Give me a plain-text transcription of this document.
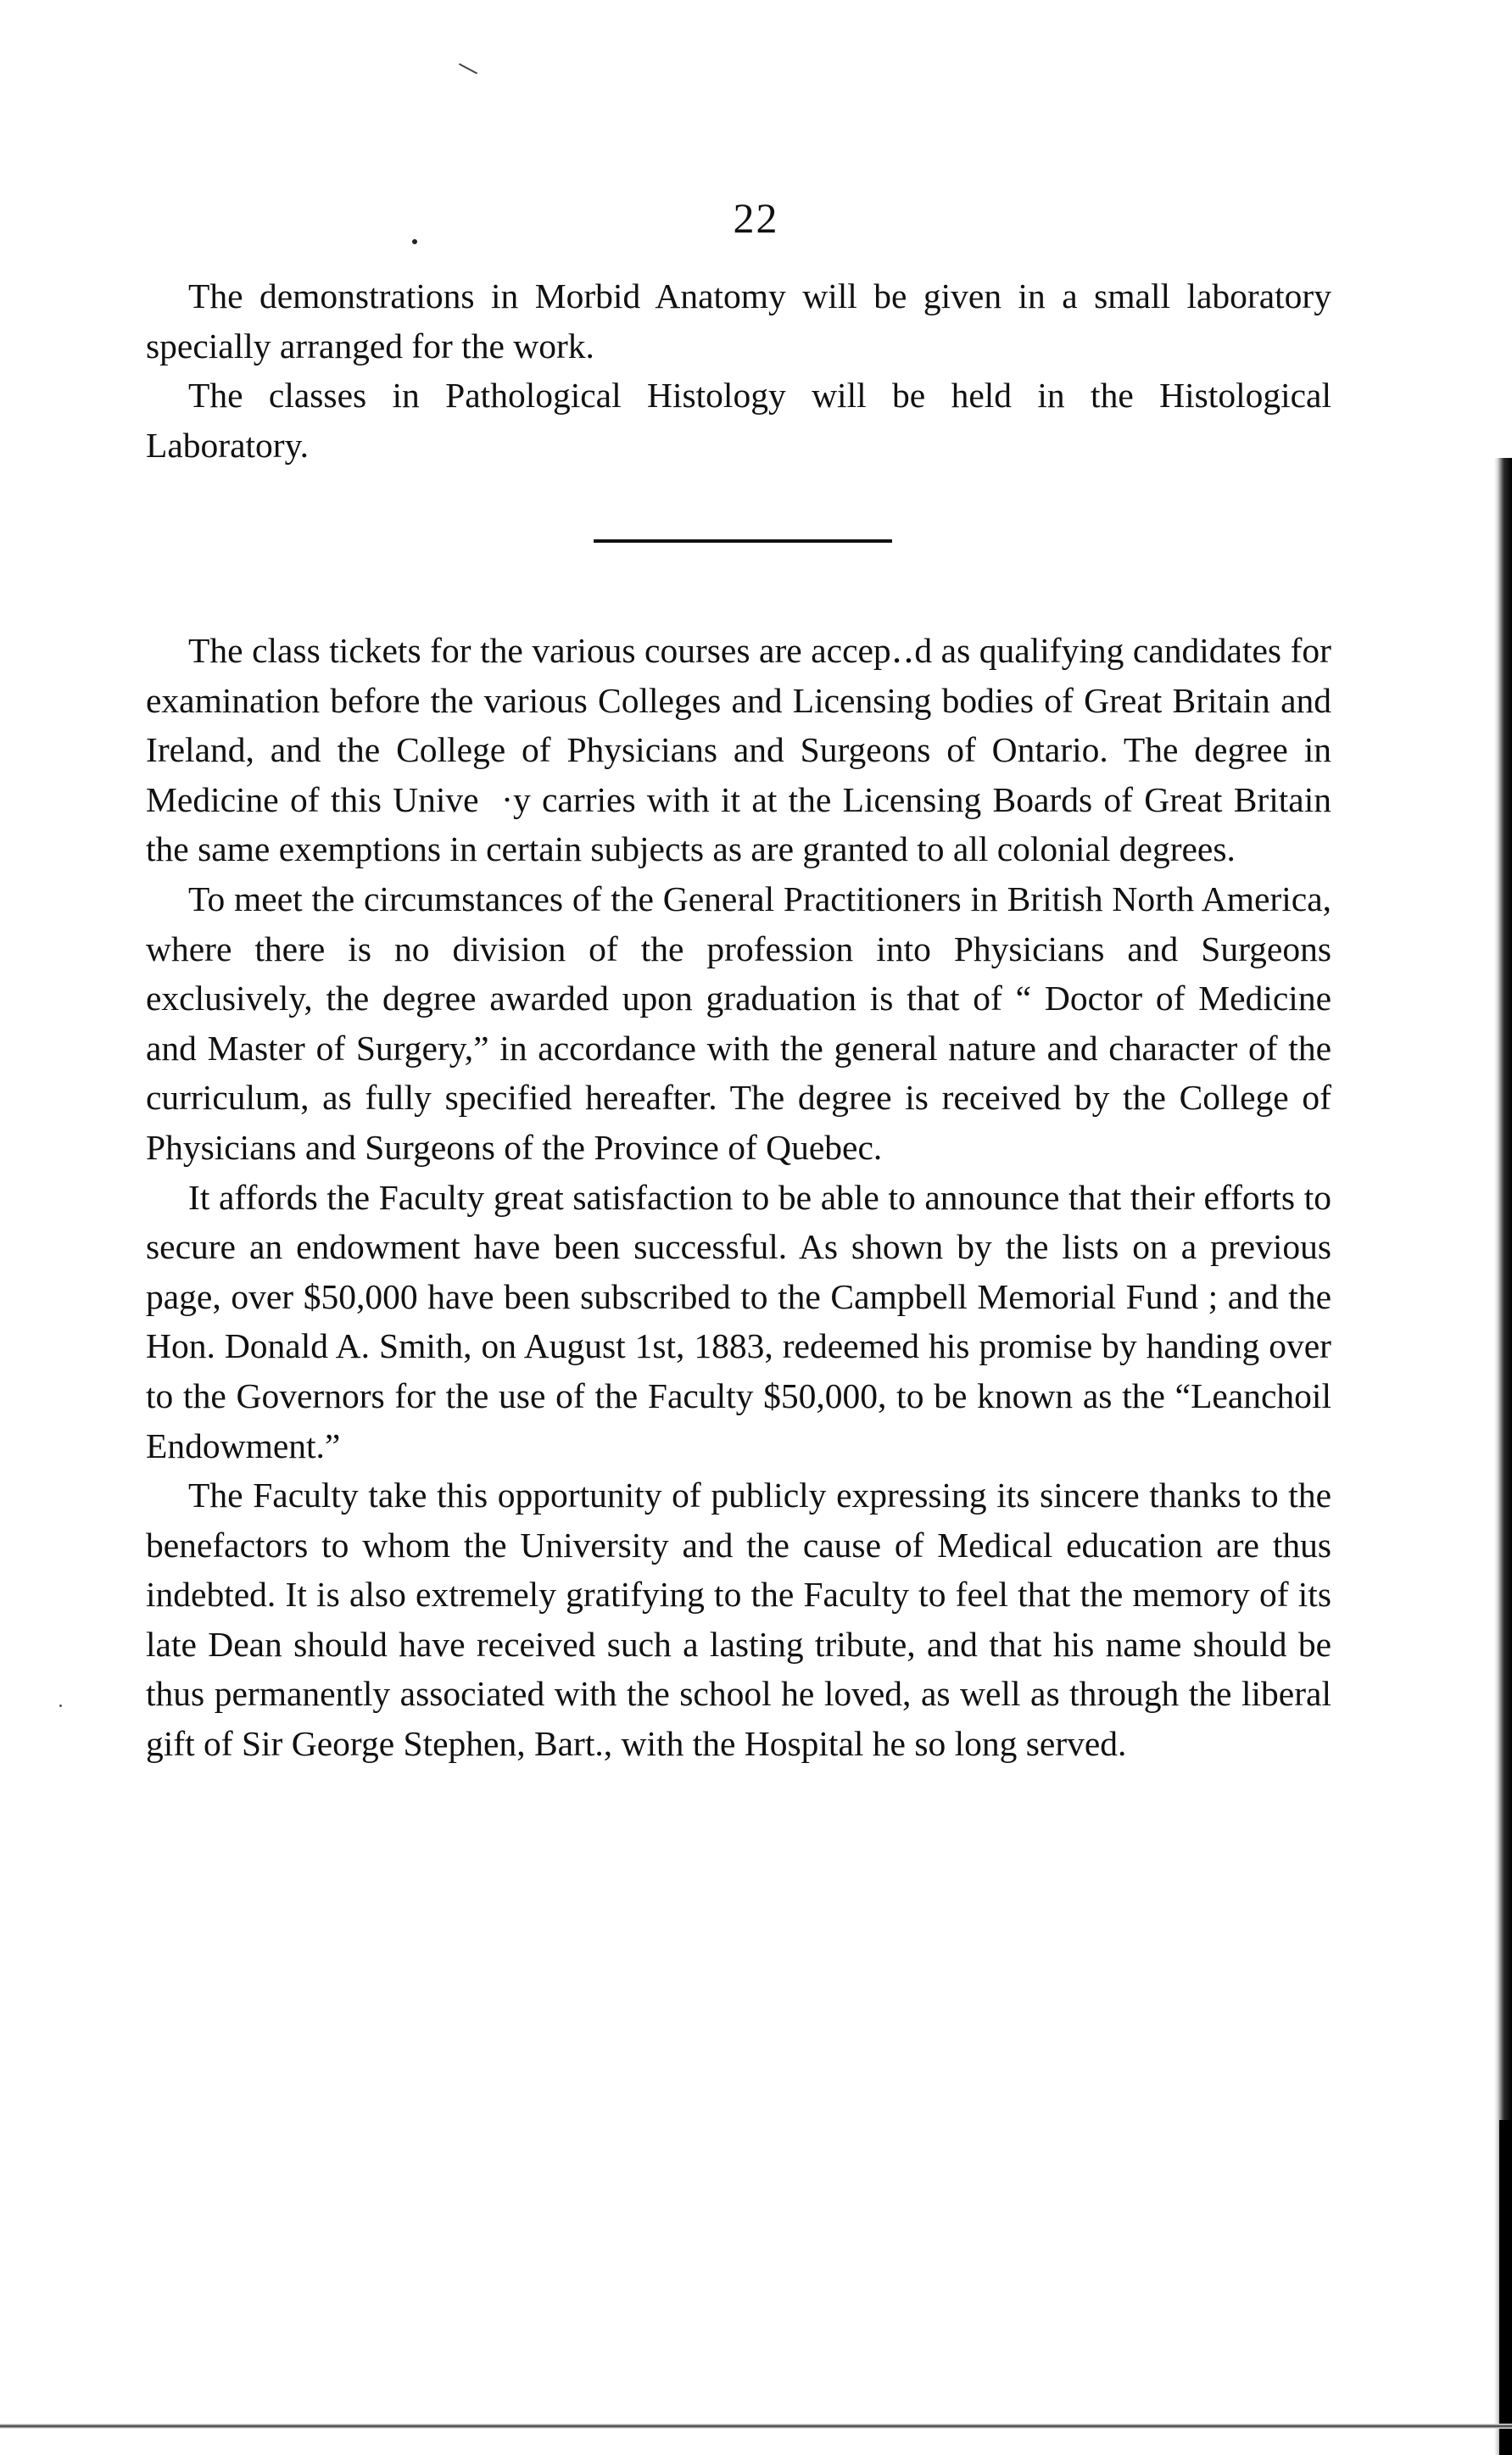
22

The demonstrations in Morbid Anatomy will be given in a small laboratory specially arranged for the work.

The classes in Pathological Histology will be held in the Histological Laboratory.

The class tickets for the various courses are accep․․d as qualifying candidates for examination before the various Colleges and Licensing bodies of Great Britain and Ireland, and the College of Physicians and Surgeons of Ontario. The degree in Medicine of this Unive  ·y carries with it at the Licensing Boards of Great Britain the same exemptions in certain subjects as are granted to all colonial degrees.

To meet the circumstances of the General Practitioners in British North America, where there is no division of the profession into Physicians and Surgeons exclusively, the degree awarded upon graduation is that of “ Doctor of Medicine and Master of Surgery,” in accordance with the general nature and character of the curriculum, as fully specified hereafter. The degree is received by the College of Physicians and Surgeons of the Province of Quebec.

It affords the Faculty great satisfaction to be able to announce that their efforts to secure an endowment have been successful. As shown by the lists on a previous page, over $50,000 have been subscribed to the Campbell Memorial Fund ; and the Hon. Donald A. Smith, on August 1st, 1883, redeemed his promise by handing over to the Governors for the use of the Faculty $50,000, to be known as the “Leanchoil Endowment.”

The Faculty take this opportunity of publicly expressing its sincere thanks to the benefactors to whom the University and the cause of Medical education are thus indebted. It is also extremely gratifying to the Faculty to feel that the memory of its late Dean should have received such a lasting tribute, and that his name should be thus permanently associated with the school he loved, as well as through the liberal gift of Sir George Stephen, Bart., with the Hospital he so long served.
